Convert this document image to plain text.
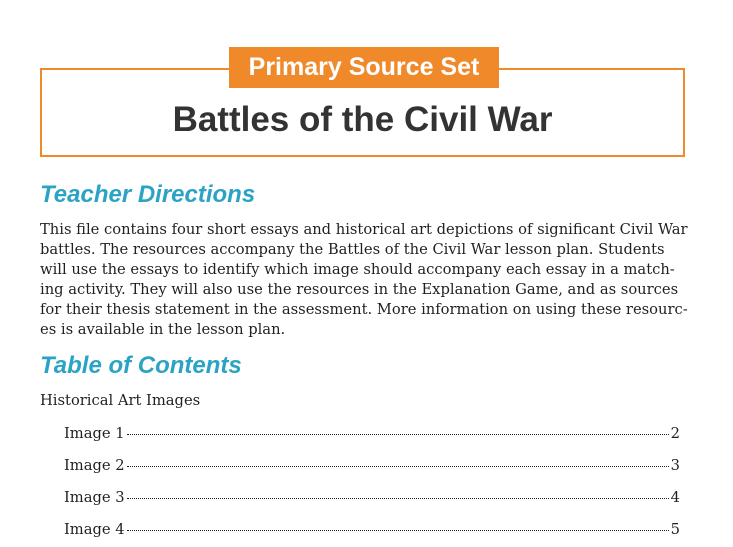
Primary Source Set
Battles of the Civil War
Teacher Directions
This file contains four short essays and historical art depictions of significant Civil War
battles. The resources accompany the Battles of the Civil War lesson plan. Students
will use the essays to identify which image should accompany each essay in a match-
ing activity. They will also use the resources in the Explanation Game, and as sources
for their thesis statement in the assessment. More information on using these resourc-
es is available in the lesson plan.
Table of Contents
Historical Art Images
Image 1	2
Image 2	3
Image 3	4
Image 4	5
